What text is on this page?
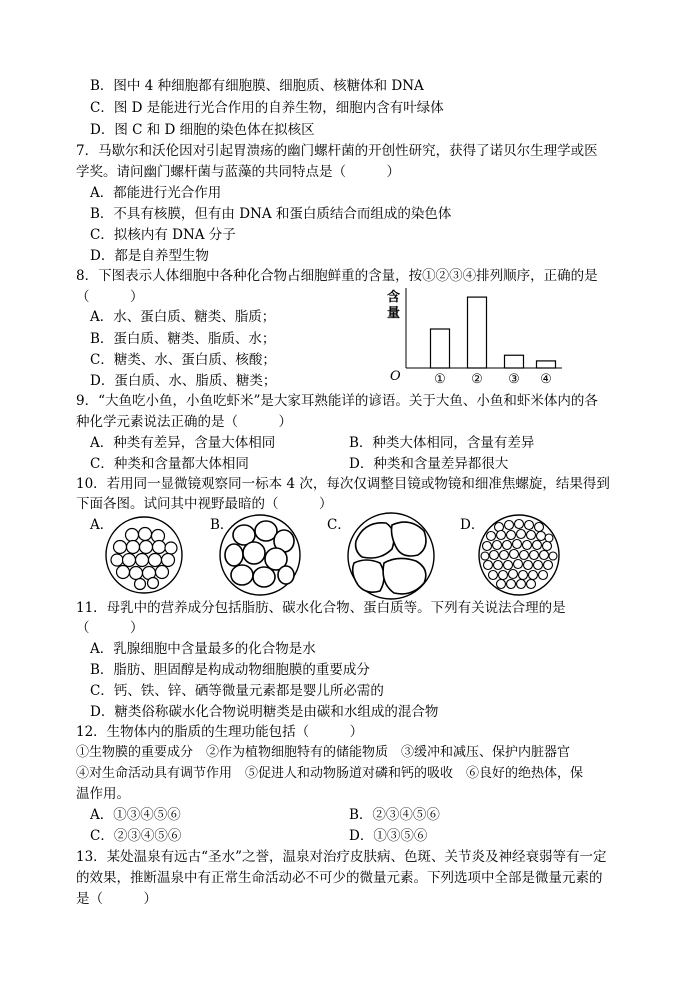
B．图中 4 种细胞都有细胞膜、细胞质、核糖体和 DNA
C．图 D 是能进行光合作用的自养生物，细胞内含有叶绿体
D．图 C 和 D 细胞的染色体在拟核区
7．马歇尔和沃伦因对引起胃溃疡的幽门螺杆菌的开创性研究，获得了诺贝尔生理学或医
学奖。请问幽门螺杆菌与蓝藻的共同特点是（　　　）
A．都能进行光合作用
B．不具有核膜，但有由 DNA 和蛋白质结合而组成的染色体
C．拟核内有 DNA 分子
D．都是自养型生物
8．下图表示人体细胞中各种化合物占细胞鲜重的含量，按①②③④排列顺序，正确的是
（　　　）
A．水、蛋白质、糖类、脂质；
B．蛋白质、糖类、脂质、水；
C．糖类、水、蛋白质、核酸；
D．蛋白质、水、脂质、糖类；
含
量
O	① ② ③ ④
9．“大鱼吃小鱼，小鱼吃虾米”是大家耳熟能详的谚语。关于大鱼、小鱼和虾米体内的各
种化学元素说法正确的是（　　　）
A．种类有差异，含量大体相同	B．种类大体相同，含量有差异
C．种类和含量都大体相同	D．种类和含量差异都很大
10．若用同一显微镜观察同一标本 4 次，每次仅调整目镜或物镜和细准焦螺旋，结果得到
下面各图。试问其中视野最暗的（　　　）
A．	B．	C．	D．
11．母乳中的营养成分包括脂肪、碳水化合物、蛋白质等。下列有关说法合理的是
（　　　）
A．乳腺细胞中含量最多的化合物是水
B．脂肪、胆固醇是构成动物细胞膜的重要成分
C．钙、铁、锌、硒等微量元素都是婴儿所必需的
D．糖类俗称碳水化合物说明糖类是由碳和水组成的混合物
12．生物体内的脂质的生理功能包括（　　　）
①生物膜的重要成分　②作为植物细胞特有的储能物质　③缓冲和减压、保护内脏器官
④对生命活动具有调节作用　⑤促进人和动物肠道对磷和钙的吸收　⑥良好的绝热体，保
温作用。
A．①③④⑤⑥	B．②③④⑤⑥
C．②③④⑤⑥	D．①③⑤⑥
13．某处温泉有远古“圣水”之誉，温泉对治疗皮肤病、色斑、关节炎及神经衰弱等有一定
的效果，推断温泉中有正常生命活动必不可少的微量元素。下列选项中全部是微量元素的
是（　　　）
